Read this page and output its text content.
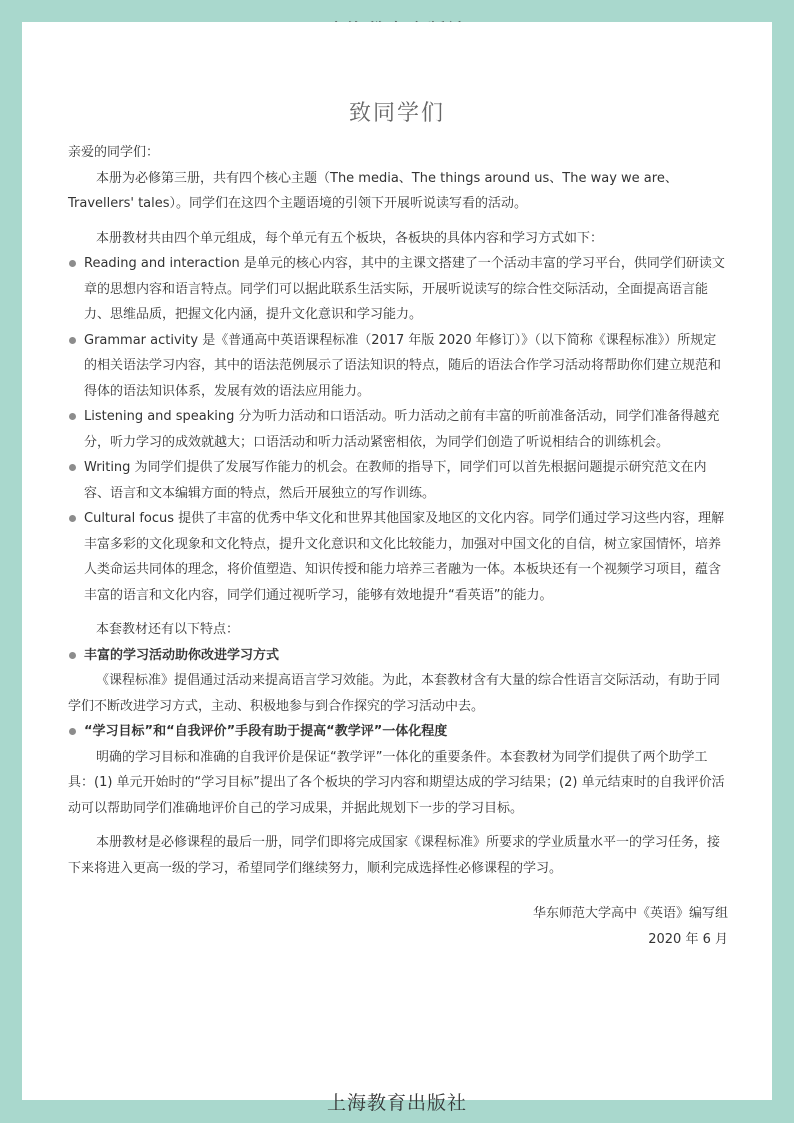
致同学们

亲爱的同学们：

本册为必修第三册，共有四个核心主题（The media、The things around us、The way we are、Travellers' tales）。同学们在这四个主题语境的引领下开展听说读写看的活动。

本册教材共由四个单元组成，每个单元有五个板块，各板块的具体内容和学习方式如下：

Reading and interaction 是单元的核心内容，其中的主课文搭建了一个活动丰富的学习平台，供同学们研读文章的思想内容和语言特点。同学们可以据此联系生活实际，开展听说读写的综合性交际活动，全面提高语言能力、思维品质，把握文化内涵，提升文化意识和学习能力。
Grammar activity 是《普通高中英语课程标准（2017 年版 2020 年修订）》（以下简称《课程标准》）所规定的相关语法学习内容，其中的语法范例展示了语法知识的特点，随后的语法合作学习活动将帮助你们建立规范和得体的语法知识体系，发展有效的语法应用能力。
Listening and speaking 分为听力活动和口语活动。听力活动之前有丰富的听前准备活动，同学们准备得越充分，听力学习的成效就越大；口语活动和听力活动紧密相依，为同学们创造了听说相结合的训练机会。
Writing 为同学们提供了发展写作能力的机会。在教师的指导下，同学们可以首先根据问题提示研究范文在内容、语言和文本编辑方面的特点，然后开展独立的写作训练。
Cultural focus 提供了丰富的优秀中华文化和世界其他国家及地区的文化内容。同学们通过学习这些内容，理解丰富多彩的文化现象和文化特点，提升文化意识和文化比较能力，加强对中国文化的自信，树立家国情怀，培养人类命运共同体的理念，将价值塑造、知识传授和能力培养三者融为一体。本板块还有一个视频学习项目，蕴含丰富的语言和文化内容，同学们通过视听学习，能够有效地提升“看英语”的能力。

本套教材还有以下特点：

丰富的学习活动助你改进学习方式

《课程标准》提倡通过活动来提高语言学习效能。为此，本套教材含有大量的综合性语言交际活动，有助于同学们不断改进学习方式，主动、积极地参与到合作探究的学习活动中去。

“学习目标”和“自我评价”手段有助于提高“教学评”一体化程度

明确的学习目标和准确的自我评价是保证“教学评”一体化的重要条件。本套教材为同学们提供了两个助学工具：(1) 单元开始时的“学习目标”提出了各个板块的学习内容和期望达成的学习结果；(2) 单元结束时的自我评价活动可以帮助同学们准确地评价自己的学习成果，并据此规划下一步的学习目标。

本册教材是必修课程的最后一册，同学们即将完成国家《课程标准》所要求的学业质量水平一的学习任务，接下来将进入更高一级的学习，希望同学们继续努力，顺利完成选择性必修课程的学习。

华东师范大学高中《英语》编写组

2020 年 6 月

上海教育出版社
